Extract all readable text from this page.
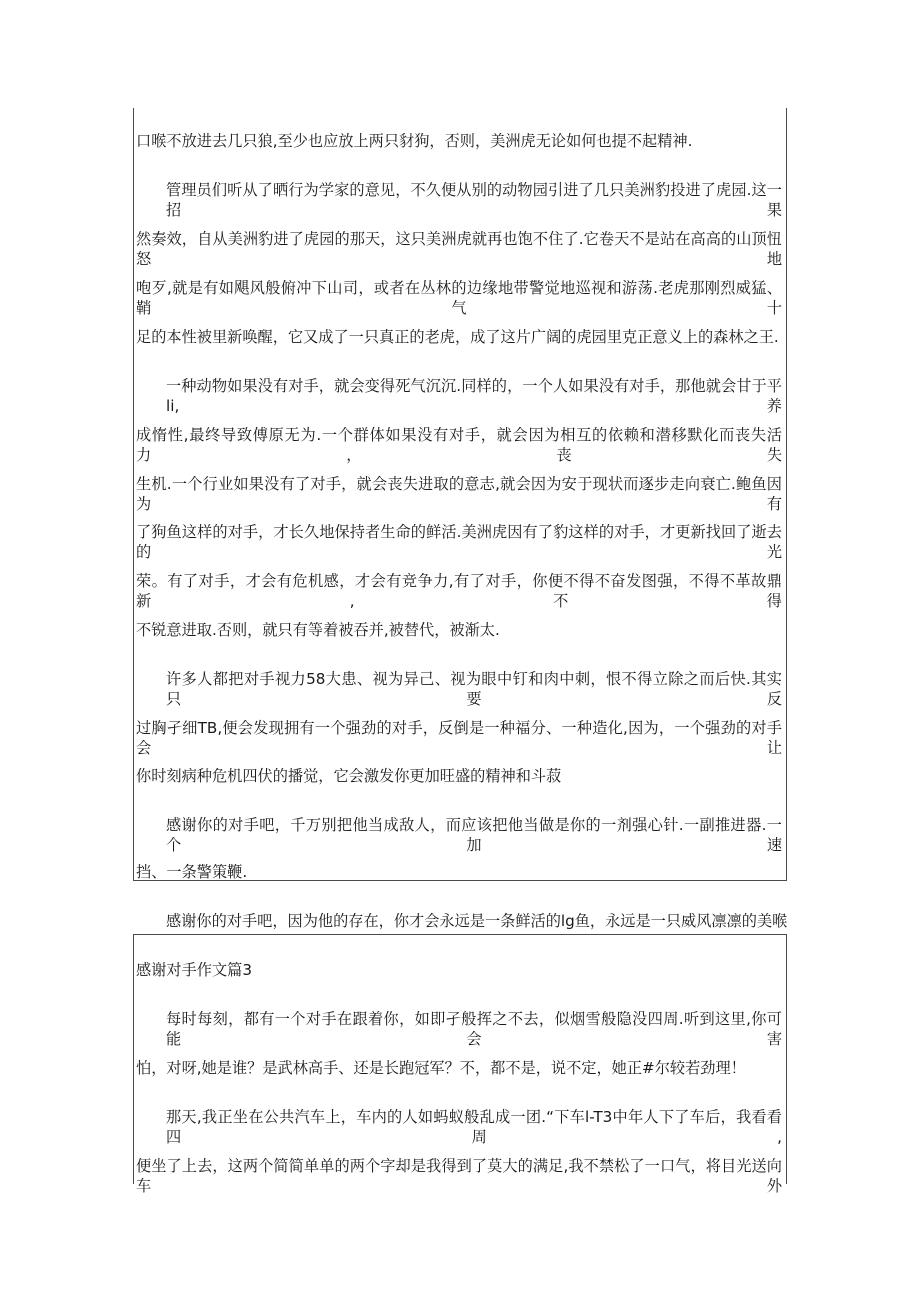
口喉不放进去几只狼,至少也应放上两只豺狗，否则，美洲虎无论如何也提不起精神.
管理员们听从了晒行为学家的意见，不久便从别的动物园引进了几只美洲豹投进了虎园.这一招果
然奏效，自从美洲豹进了虎园的那天，这只美洲虎就再也饱不住了.它卷天不是站在高高的山顶忸怒地
咆歹,就是有如飓风般俯冲下山司，或者在丛林的边缘地带警觉地巡视和游荡.老虎那刚烈威猛、鞘气十
足的本性被里新唤醒，它又成了一只真正的老虎，成了这片广阔的虎园里克正意义上的森林之王.
一种动物如果没有对手，就会变得死气沉沉.同样的，一个人如果没有对手，那他就会甘于平li,养
成惰性,最终导致傅原无为.一个群体如果没有对手，就会因为相互的依赖和潜移默化而丧失活力，丧失
生机.一个行业如果没有了对手，就会丧失进取的意志,就会因为安于现状而逐步走向衰亡.鲍鱼因为有
了狗鱼这样的对手，才长久地保持者生命的鲜活.美洲虎因有了豹这样的对手，才更新找回了逝去的光
荣。有了对手，才会有危机感，才会有竞争力,有了对手，你便不得不奋发图强，不得不革故鼎新,不得
不锐意进取.否则，就只有等着被吞并,被替代，被渐太.
许多人都把对手视力58大患、视为异己、视为眼中钉和肉中刺，恨不得立除之而后快.其实只要反
过胸孑细TB,便会发现拥有一个强劲的对手，反倒是一种福分、一种造化,因为，一个强劲的对手会让
你时刻病种危机四伏的播觉，它会激发你更加旺盛的精神和斗菽
感谢你的对手吧，千万别把他当成敌人，而应该把他当做是你的一剂强心针.一副推进器.一个加速
挡、一条警策鞭.
感谢你的对手吧，因为他的存在，你才会永远是一条鲜活的lg鱼，永远是一只威风凛凛的美喉
感谢对手作文篇3
每时每刻，都有一个对手在跟着你，如即孑般挥之不去，似烟雪般隐没四周.听到这里,你可能会害
怕，对呀,她是谁？是武林高手、还是长跑冠军？不，都不是，说不定，她正#尔较若劲理！
那天,我正坐在公共汽车上，车内的人如蚂蚁般乱成一团.“下车l-T3中年人下了车后，我看看四周,
便坐了上去，这两个简简单单的两个字却是我得到了莫大的满足,我不禁松了一口气，将目光送向车外
